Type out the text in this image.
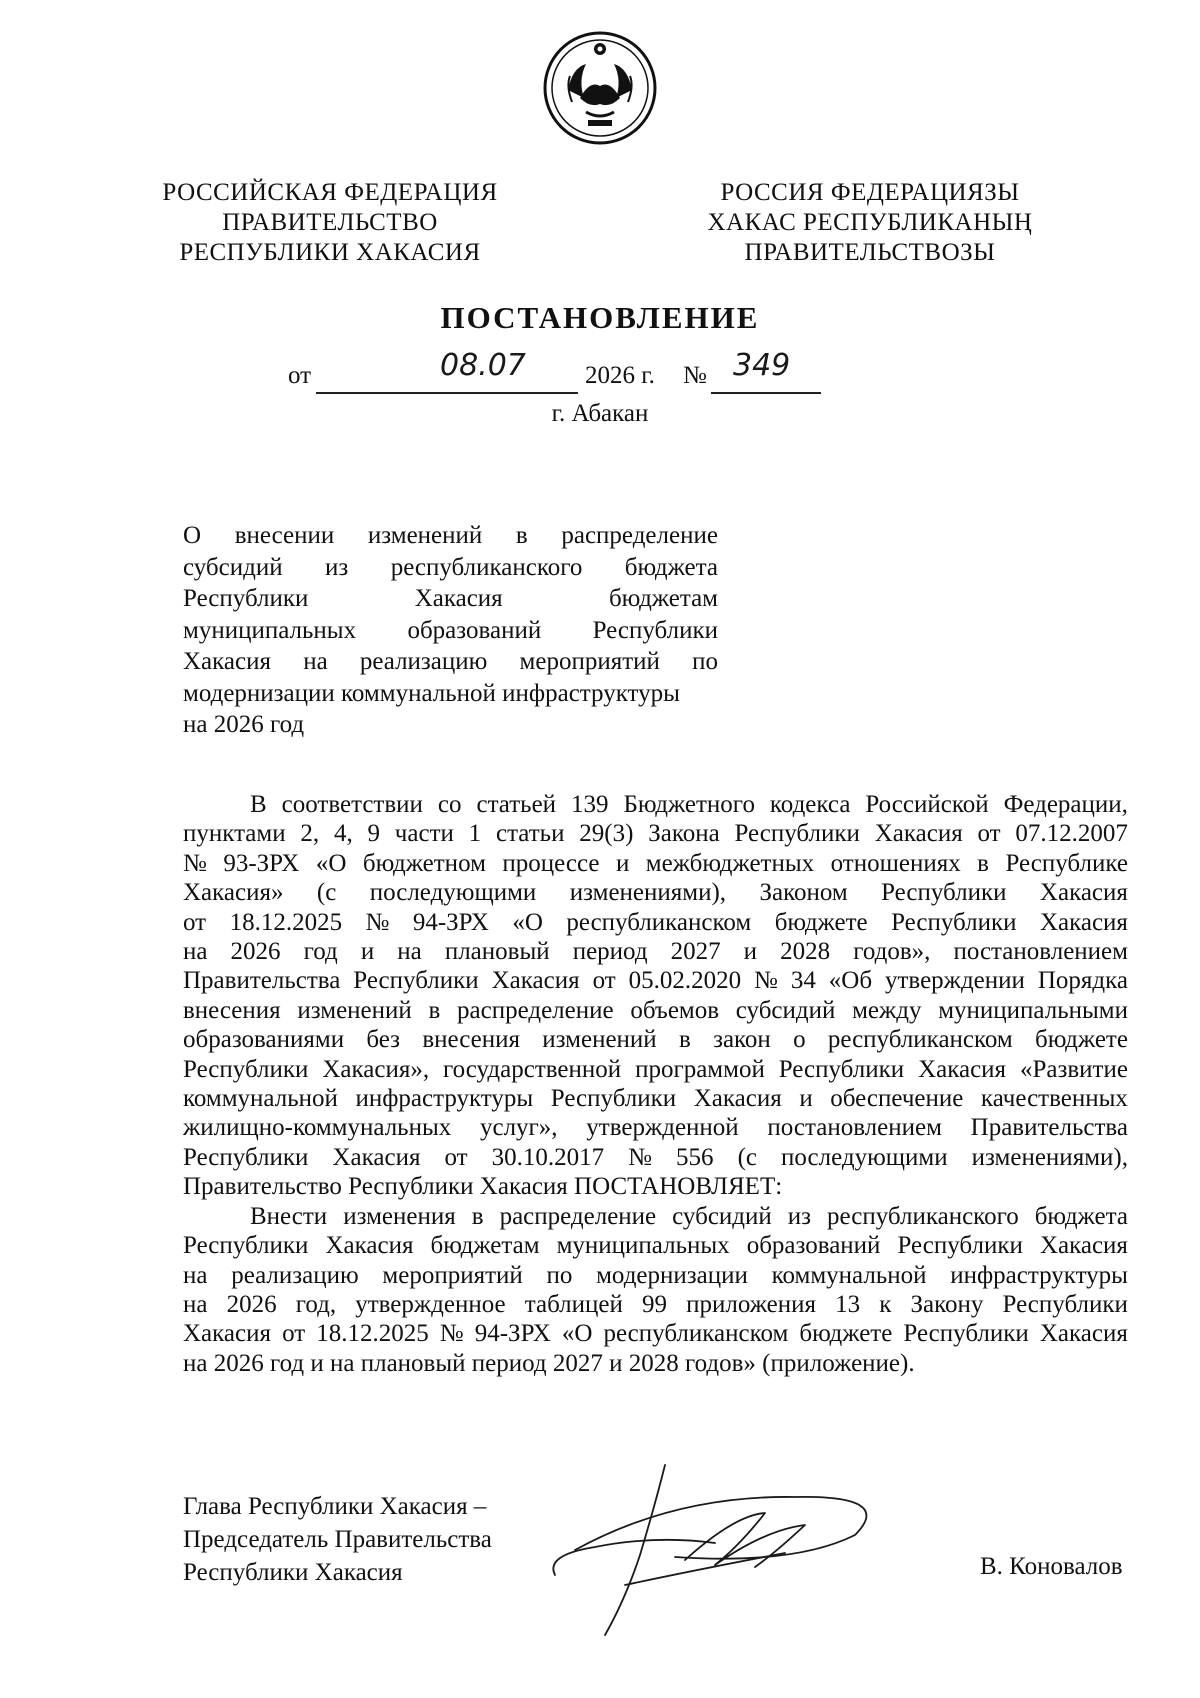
РОССИЙСКАЯ ФЕДЕРАЦИЯ
ПРАВИТЕЛЬСТВО
РЕСПУБЛИКИ ХАКАСИЯ
РОССИЯ ФЕДЕРАЦИЯЗЫ
ХАКАС РЕСПУБЛИКАНЫҢ
ПРАВИТЕЛЬСТВОЗЫ
ПОСТАНОВЛЕНИЕ
от	08.07 2026 г. № 349
г. Абакан
О внесении изменений в распределение
субсидий из республиканского бюджета
Республики	Хакасия	бюджетам
муниципальных образований Республики
Хакасия на реализацию мероприятий по
модернизации коммунальной инфраструктуры
на 2026 год
В соответствии со статьей 139 Бюджетного кодекса Российской Федерации,
пунктами 2, 4, 9 части 1 статьи 29(3) Закона Республики Хакасия от 07.12.2007
№ 93-ЗРХ «О бюджетном процессе и межбюджетных отношениях в Республике
Хакасия» (с последующими изменениями), Законом Республики Хакасия
от 18.12.2025 № 94-ЗРХ «О республиканском бюджете Республики Хакасия
на 2026 год и на плановый период 2027 и 2028 годов», постановлением
Правительства Республики Хакасия от 05.02.2020 № 34 «Об утверждении Порядка
внесения изменений в распределение объемов субсидий между муниципальными
образованиями без внесения изменений в закон о республиканском бюджете
Республики Хакасия», государственной программой Республики Хакасия «Развитие
коммунальной инфраструктуры Республики Хакасия и обеспечение качественных
жилищно-коммунальных услуг», утвержденной постановлением Правительства
Республики Хакасия от 30.10.2017 № 556 (с последующими изменениями),
Правительство Республики Хакасия ПОСТАНОВЛЯЕТ:
Внести изменения в распределение субсидий из республиканского бюджета
Республики Хакасия бюджетам муниципальных образований Республики Хакасия
на реализацию мероприятий по модернизации коммунальной инфраструктуры
на 2026 год, утвержденное таблицей 99 приложения 13 к Закону Республики
Хакасия от 18.12.2025 № 94-ЗРХ «О республиканском бюджете Республики Хакасия
на 2026 год и на плановый период 2027 и 2028 годов» (приложение).
Глава Республики Хакасия –
Председатель Правительства
Республики Хакасия	В. Коновалов
